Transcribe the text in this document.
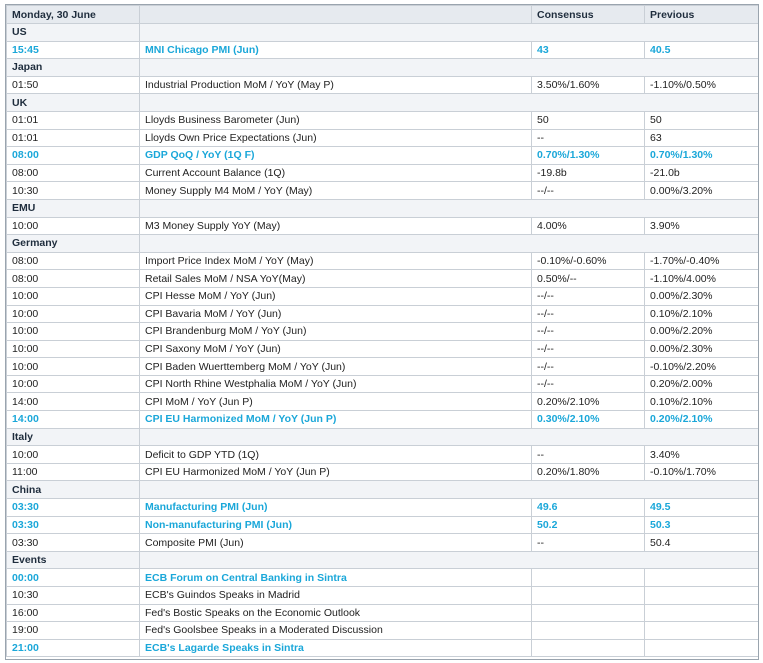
Monday, 30 June		Consensus	Previous
US			
15:45	MNI Chicago PMI (Jun)	43	40.5
Japan			
01:50	Industrial Production MoM / YoY (May P)	3.50%/1.60%	-1.10%/0.50%
UK			
01:01	Lloyds Business Barometer (Jun)	50	50
01:01	Lloyds Own Price Expectations (Jun)	--	63
08:00	GDP QoQ / YoY (1Q F)	0.70%/1.30%	0.70%/1.30%
08:00	Current Account Balance (1Q)	-19.8b	-21.0b
10:30	Money Supply M4 MoM / YoY (May)	--/--	0.00%/3.20%
EMU			
10:00	M3 Money Supply YoY (May)	4.00%	3.90%
Germany			
08:00	Import Price Index MoM / YoY (May)	-0.10%/-0.60%	-1.70%/-0.40%
08:00	Retail Sales MoM / NSA YoY(May)	0.50%/--	-1.10%/4.00%
10:00	CPI Hesse MoM / YoY (Jun)	--/--	0.00%/2.30%
10:00	CPI Bavaria MoM / YoY (Jun)	--/--	0.10%/2.10%
10:00	CPI Brandenburg MoM / YoY (Jun)	--/--	0.00%/2.20%
10:00	CPI Saxony MoM / YoY (Jun)	--/--	0.00%/2.30%
10:00	CPI Baden Wuerttemberg MoM / YoY (Jun)	--/--	-0.10%/2.20%
10:00	CPI North Rhine Westphalia MoM / YoY (Jun)	--/--	0.20%/2.00%
14:00	CPI MoM / YoY (Jun P)	0.20%/2.10%	0.10%/2.10%
14:00	CPI EU Harmonized MoM / YoY (Jun P)	0.30%/2.10%	0.20%/2.10%
Italy			
10:00	Deficit to GDP YTD (1Q)	--	3.40%
11:00	CPI EU Harmonized MoM / YoY (Jun P)	0.20%/1.80%	-0.10%/1.70%
China			
03:30	Manufacturing PMI (Jun)	49.6	49.5
03:30	Non-manufacturing PMI (Jun)	50.2	50.3
03:30	Composite PMI (Jun)	--	50.4
Events			
00:00	ECB Forum on Central Banking in Sintra		
10:30	ECB's Guindos Speaks in Madrid		
16:00	Fed's Bostic Speaks on the Economic Outlook		
19:00	Fed's Goolsbee Speaks in a Moderated Discussion		
21:00	ECB's Lagarde Speaks in Sintra		
